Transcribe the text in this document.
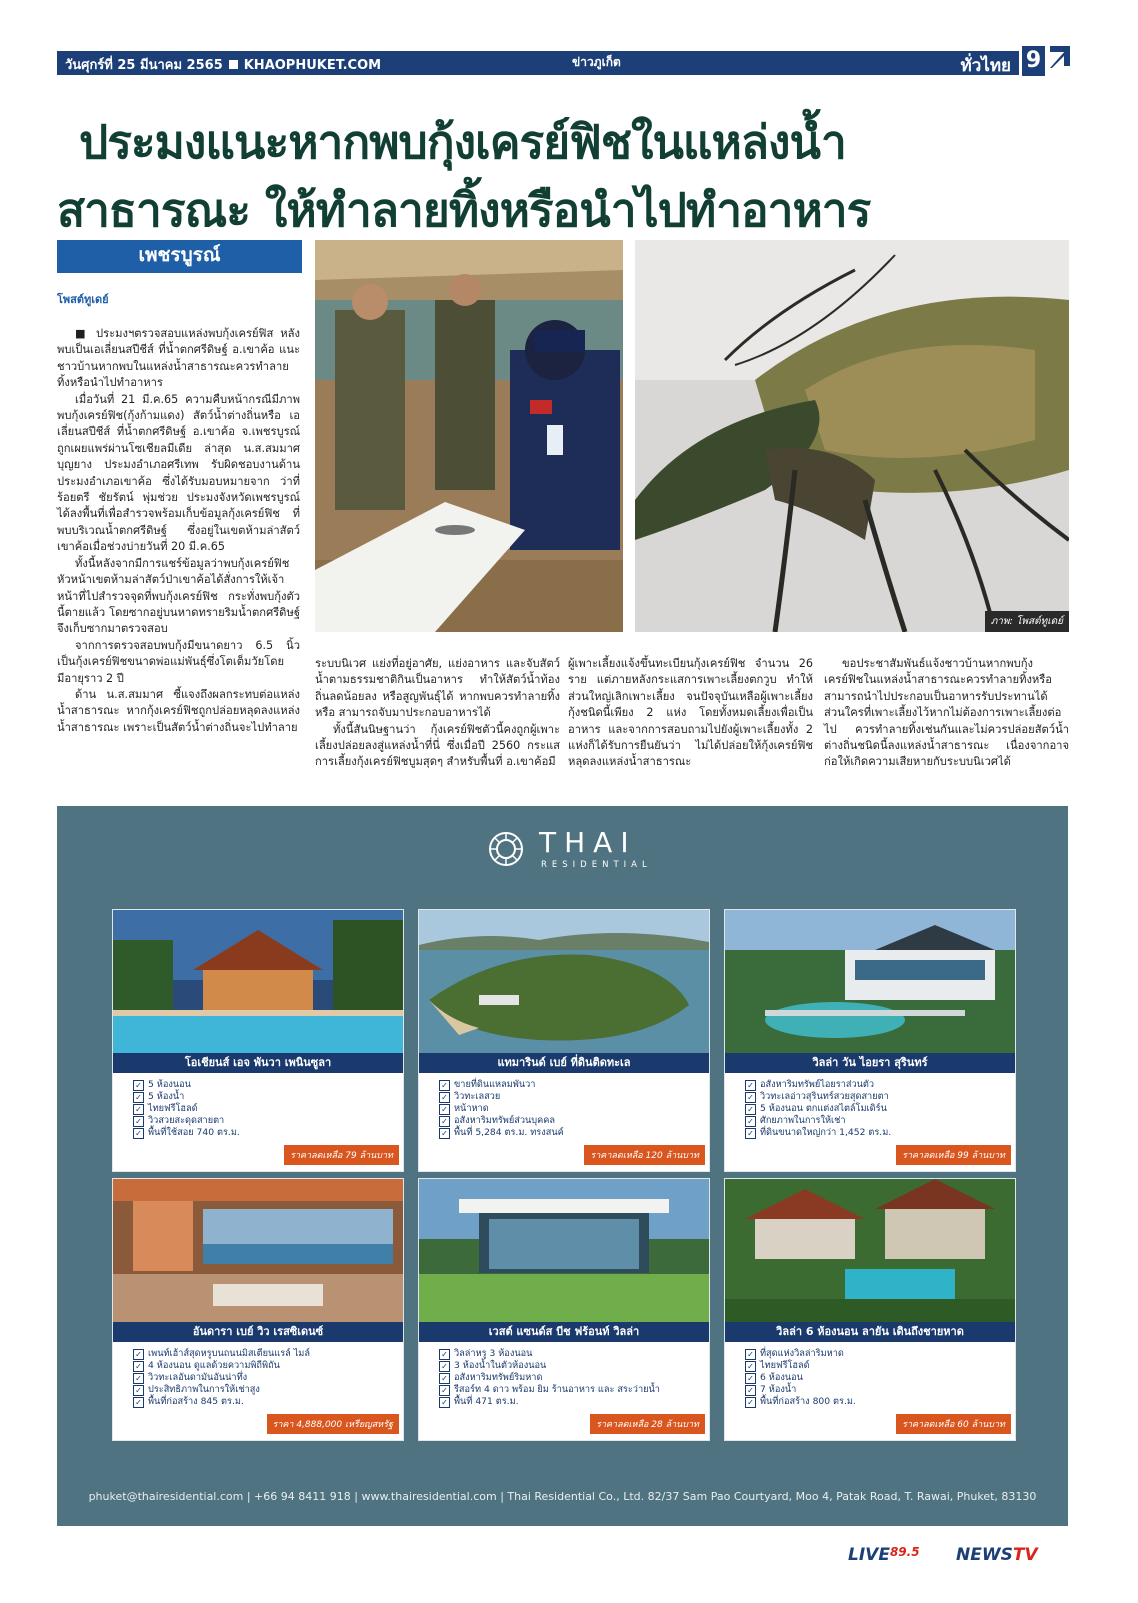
วันศุกร์ที่ 25 มีนาคม 2565 KHAOPHUKET.COM	ข่าวภูเก็ต	ทั่วไทย 9
ประมงแนะหากพบกุ้งเครย์ฟิชในแหล่งน้ำ
สาธารณะ ให้ทำลายทิ้งหรือนำไปทำอาหาร
เพชรบูรณ์
โพสต์ทูเดย์

■ ประมงฯตรวจสอบแหล่งพบกุ้งเครย์ฟิส หลังพบเป็นเอเลี่ยนสปีชีส์ ที่น้ำตกศรีดิษฐ์ อ.เขาค้อ แนะชาวบ้านหากพบในแหล่งน้ำสาธารณะควรทำลายทิ้งหรือนำไปทำอาหาร

เมื่อวันที่ 21 มี.ค.65 ความคืบหน้ากรณีมีภาพพบกุ้งเครย์ฟิช(กุ้งก้ามแดง) สัตว์น้ำต่างถิ่นหรือ เอเลี่ยนสปีชีส์ ที่น้ำตกศรีดิษฐ์ อ.เขาค้อ จ.เพชรบูรณ์ ถูกเผยแพร่ผ่านโซเชียลมีเดีย ล่าสุด น.ส.สมมาศ บุญยาง ประมงอำเภอศรีเทพ รับผิดชอบงานด้านประมงอำเภอเขาค้อ ซึ่งได้รับมอบหมายจาก ว่าที่ร้อยตรี ชัยรัตน์ พุ่มช่วย ประมงจังหวัดเพชรบูรณ์ ได้ลงพื้นที่เพื่อสำรวจพร้อมเก็บข้อมูลกุ้งเครย์ฟิช ที่พบบริเวณน้ำตกศรีดิษฐ์ ซึ่งอยู่ในเขตห้ามล่าสัตว์เขาค้อเมื่อช่วงบ่ายวันที่ 20 มี.ค.65

ทั้งนี้หลังจากมีการแชร์ข้อมูลว่าพบกุ้งเครย์ฟิช หัวหน้าเขตห้ามล่าสัตว์ป่าเขาค้อได้สั่งการให้เจ้าหน้าที่ไปสำรวจจุดที่พบกุ้งเครย์ฟิช กระทั่งพบกุ้งตัวนี้ตายแล้ว โดยซากอยู่บนหาดทรายริมน้ำตกศรีดิษฐ์ จึงเก็บซากมาตรวจสอบ

จากการตรวจสอบพบกุ้งมีขนาดยาว 6.5 นิ้ว เป็นกุ้งเครย์ฟิชขนาดพ่อแม่พันธุ์ซึ่งโตเต็มวัยโดยมีอายุราว 2 ปี

ด้าน น.ส.สมมาศ ซี้แจงถึงผลกระทบต่อแหล่งน้ำสาธารณะ หากกุ้งเครย์ฟิชถูกปล่อยหลุดลงแหล่งน้ำสาธารณะ เพราะเป็นสัตว์น้ำต่างถิ่นจะไปทำลาย

ภาพ: โพสต์ทูเดย์

ระบบนิเวศ แย่งที่อยู่อาศัย, แย่งอาหาร และจับสัตว์น้ำตามธรรมชาติกินเป็นอาหาร ทำให้สัตว์น้ำท้องถิ่นลดน้อยลง หรือสูญพันธุ์ได้ หากพบควรทำลายทิ้ง หรือ สามารถจับมาประกอบอาหารได้

ทั้งนี้สันนิษฐานว่า กุ้งเครย์ฟิชตัวนี้คงถูกผู้เพาะเลี้ยงปล่อยลงสู่แหล่งน้ำที่นี่ ซึ่งเมื่อปี 2560 กระแสการเลี้ยงกุ้งเครย์ฟิชบูมสุดๆ สำหรับพื้นที่ อ.เขาค้อมี

ผู้เพาะเลี้ยงแจ้งขึ้นทะเบียนกุ้งเครย์ฟิช จำนวน 26 ราย แต่ภายหลังกระแสการเพาะเลี้ยงตกวูบ ทำให้ส่วนใหญ่เลิกเพาะเลี้ยง จนปัจจุบันเหลือผู้เพาะเลี้ยงกุ้งชนิดนี้เพียง 2 แห่ง โดยทั้งหมดเลี้ยงเพื่อเป็นอาหาร และจากการสอบถามไปยังผู้เพาะเลี้ยงทั้ง 2 แห่งก็ได้รับการยืนยันว่า ไม่ได้ปล่อยให้กุ้งเครย์ฟิชหลุดลงแหล่งน้ำสาธารณะ

ขอประชาสัมพันธ์แจ้งชาวบ้านหากพบกุ้งเครย์ฟิชในแหล่งน้ำสาธารณะควรทำลายทิ้งหรือสามารถนำไปประกอบเป็นอาหารรับประทานได้ ส่วนใครที่เพาะเลี้ยงไว้หากไม่ต้องการเพาะเลี้ยงต่อไป ควรทำลายทิ้งเช่นกันและไม่ควรปล่อยสัตว์น้ำต่างถิ่นชนิดนี้ลงแหล่งน้ำสาธารณะ เนื่องจากอาจก่อให้เกิดความเสียหายกับระบบนิเวศได้

THAI
RESIDENTIAL
โอเชียนส์ เอจ พันวา เพนินซูลา
✓ 5 ห้องนอน
✓ 5 ห้องน้ำ
✓ ไทยฟรีโฮลด์
✓ วิวสวยสะดุดสายตา
✓ พื้นที่ใช้สอย 740 ตร.ม.
ราคาลดเหลือ 79 ล้านบาท
แทมารินด์ เบย์ ที่ดินติดทะเล
✓ ขายที่ดินแหลมพันวา
✓ วิวทะเลสวย
✓ หน้าหาด
✓ อสังหาริมทรัพย์ส่วนบุคคล
✓ พื้นที่ 5,284 ตร.ม. ทรงสนค์
ราคาลดเหลือ 120 ล้านบาท
วิลล่า วัน ไอยรา สุรินทร์
✓ อสังหาริมทรัพย์ไอยราส่วนตัว
✓ วิวทะเลอ่าวสุรินทร์สวยสุดสายตา
✓ 5 ห้องนอน ตกแต่งสไตล์โมเดิร์น
✓ ศักยภาพในการให้เช่า
✓ ที่ดินขนาดใหญ่กว่า 1,452 ตร.ม.
ราคาลดเหลือ 99 ล้านบาท
อันดารา เบย์ วิว เรสซิเดนซ์
✓ เพนท์เฮ้าส์สุดหรูบนถนนมิสเตียนแรล์ ไมล์
✓ 4 ห้องนอน ดูแลด้วยความพิถีพิถัน
✓ วิวทะเลอันดามันอันน่าทึ่ง
✓ ประสิทธิภาพในการให้เช่าสูง
✓ พื้นที่ก่อสร้าง 845 ตร.ม.
ราคา 4,888,000 เหรียญสหรัฐ
เวสต์ แซนด์ส บีช ฟร้อนท์ วิลล่า
✓ วิลล่าหรู 3 ห้องนอน
✓ 3 ห้องน้ำในตัวห้องนอน
✓ อสังหาริมทรัพย์ริมหาด
✓ รีสอร์ท 4 ดาว พร้อม ยิม ร้านอาหาร และ สระว่ายน้ำ
✓ พื้นที่ 471 ตร.ม.
ราคาลดเหลือ 28 ล้านบาท
วิลล่า 6 ห้องนอน ลายัน เดินถึงชายหาด
✓ ที่สุดแห่งวิลล่าริมหาด
✓ ไทยฟรีโฮลด์
✓ 6 ห้องนอน
✓ 7 ห้องน้ำ
✓ พื้นที่ก่อสร้าง 800 ตร.ม.
ราคาลดเหลือ 60 ล้านบาท
phuket@thairesidential.com | +66 94 8411 918 | www.thairesidential.com | Thai Residential Co., Ltd. 82/37 Sam Pao Courtyard, Moo 4, Patak Road, T. Rawai, Phuket, 83130
$LIVE^{89.5}$ NEWSTV
